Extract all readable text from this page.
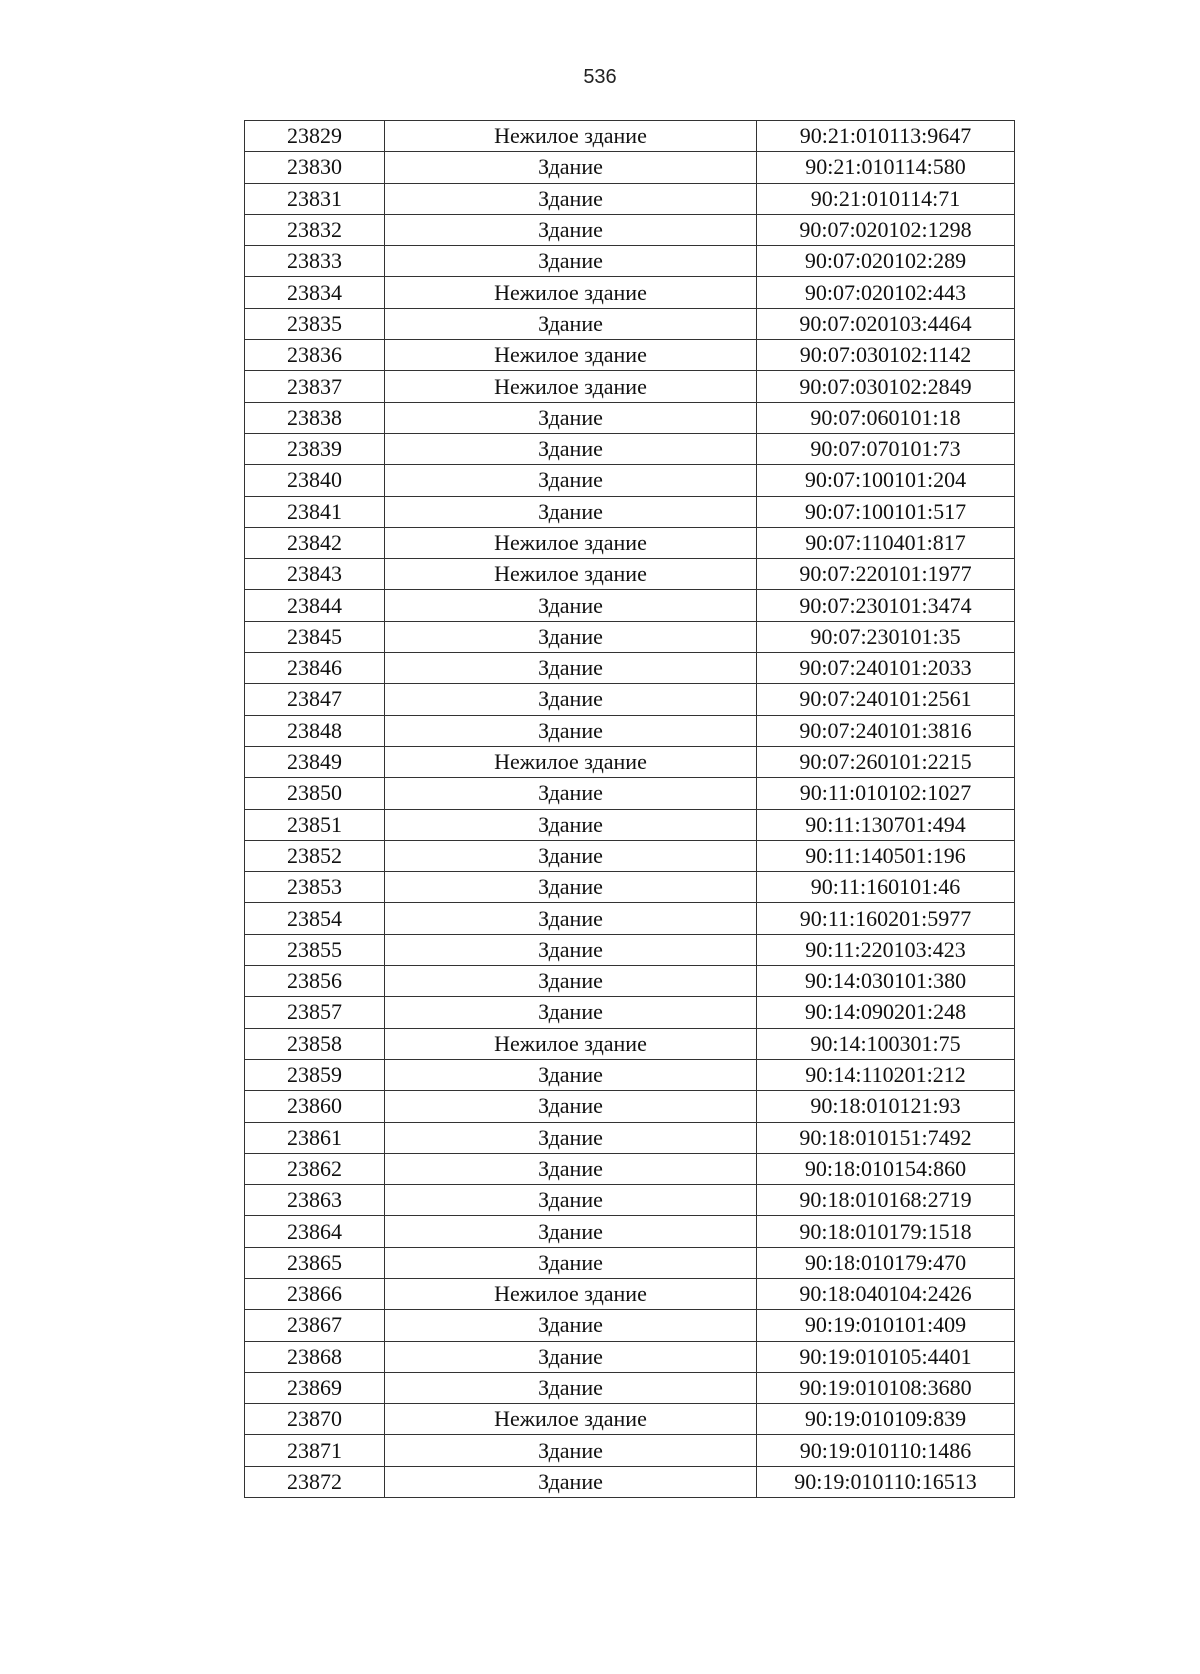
536
23829	Нежилое здание	90:21:010113:9647
23830	Здание	90:21:010114:580
23831	Здание	90:21:010114:71
23832	Здание	90:07:020102:1298
23833	Здание	90:07:020102:289
23834	Нежилое здание	90:07:020102:443
23835	Здание	90:07:020103:4464
23836	Нежилое здание	90:07:030102:1142
23837	Нежилое здание	90:07:030102:2849
23838	Здание	90:07:060101:18
23839	Здание	90:07:070101:73
23840	Здание	90:07:100101:204
23841	Здание	90:07:100101:517
23842	Нежилое здание	90:07:110401:817
23843	Нежилое здание	90:07:220101:1977
23844	Здание	90:07:230101:3474
23845	Здание	90:07:230101:35
23846	Здание	90:07:240101:2033
23847	Здание	90:07:240101:2561
23848	Здание	90:07:240101:3816
23849	Нежилое здание	90:07:260101:2215
23850	Здание	90:11:010102:1027
23851	Здание	90:11:130701:494
23852	Здание	90:11:140501:196
23853	Здание	90:11:160101:46
23854	Здание	90:11:160201:5977
23855	Здание	90:11:220103:423
23856	Здание	90:14:030101:380
23857	Здание	90:14:090201:248
23858	Нежилое здание	90:14:100301:75
23859	Здание	90:14:110201:212
23860	Здание	90:18:010121:93
23861	Здание	90:18:010151:7492
23862	Здание	90:18:010154:860
23863	Здание	90:18:010168:2719
23864	Здание	90:18:010179:1518
23865	Здание	90:18:010179:470
23866	Нежилое здание	90:18:040104:2426
23867	Здание	90:19:010101:409
23868	Здание	90:19:010105:4401
23869	Здание	90:19:010108:3680
23870	Нежилое здание	90:19:010109:839
23871	Здание	90:19:010110:1486
23872	Здание	90:19:010110:16513
